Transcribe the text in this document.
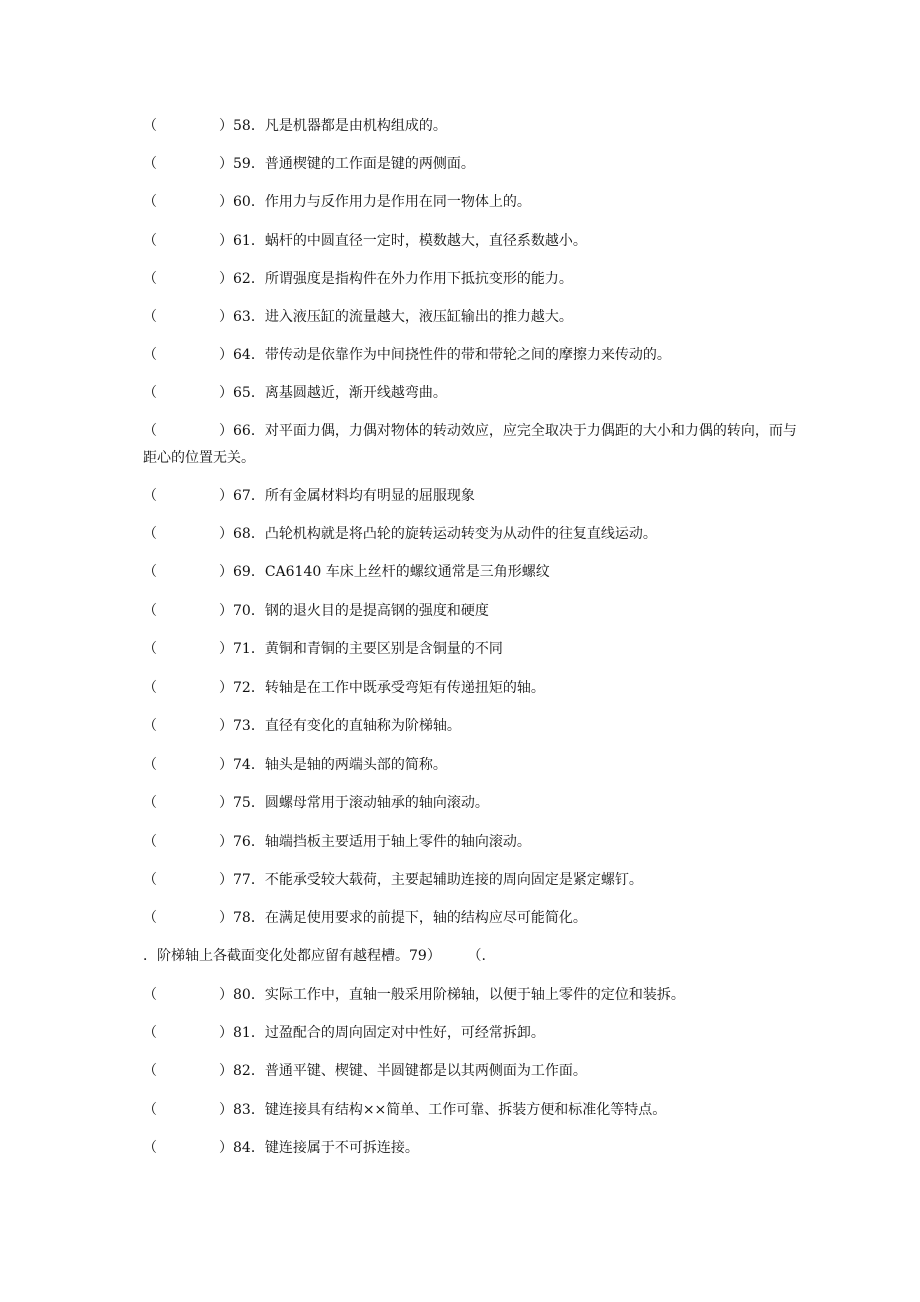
（	）58．凡是机器都是由机构组成的。
（	）59．普通楔键的工作面是键的两侧面。
（	）60．作用力与反作用力是作用在同一物体上的。
（	）61．蜗杆的中圆直径一定时，模数越大，直径系数越小。
（	）62．所谓强度是指构件在外力作用下抵抗变形的能力。
（	）63．进入液压缸的流量越大，液压缸输出的推力越大。
（	）64．带传动是依靠作为中间挠性件的带和带轮之间的摩擦力来传动的。
（	）65．离基圆越近，渐开线越弯曲。
（	）66．对平面力偶，力偶对物体的转动效应，应完全取决于力偶距的大小和力偶的转向，而与距心的位置无关。
（	）67．所有金属材料均有明显的屈服现象
（	）68．凸轮机构就是将凸轮的旋转运动转变为从动件的往复直线运动。
（	）69．CA6140 车床上丝杆的螺纹通常是三角形螺纹
（	）70．钢的退火目的是提高钢的强度和硬度
（	）71．黄铜和青铜的主要区别是含铜量的不同
（	）72．转轴是在工作中既承受弯矩有传递扭矩的轴。
（	）73．直径有变化的直轴称为阶梯轴。
（	）74．轴头是轴的两端头部的简称。
（	）75．圆螺母常用于滚动轴承的轴向滚动。
（	）76．轴端挡板主要适用于轴上零件的轴向滚动。
（	）77．不能承受较大载荷，主要起辅助连接的周向固定是紧定螺钉。
（	）78．在满足使用要求的前提下，轴的结构应尽可能简化。
．阶梯轴上各截面变化处都应留有越程槽。79）      （.
（	）80．实际工作中，直轴一般采用阶梯轴，以便于轴上零件的定位和装拆。
（	）81．过盈配合的周向固定对中性好，可经常拆卸。
（	）82．普通平键、楔键、半圆键都是以其两侧面为工作面。
（	）83．键连接具有结构××简单、工作可靠、拆装方便和标准化等特点。
（	）84．键连接属于不可拆连接。
